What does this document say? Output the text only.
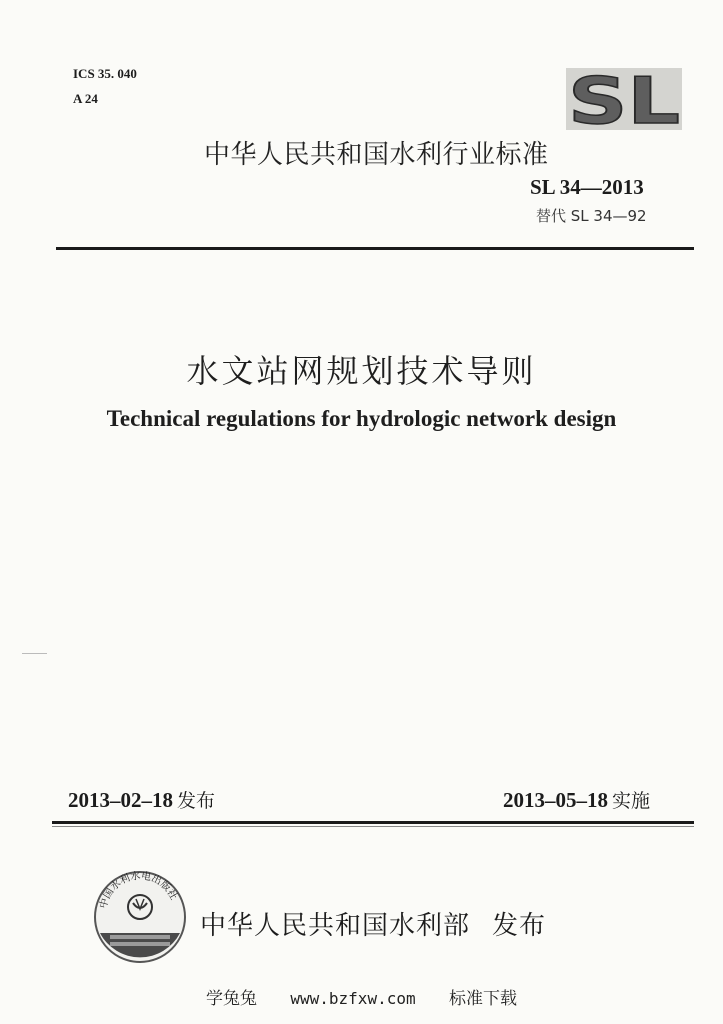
ICS 35. 040
A 24	SL
中华人民共和国水利行业标准
SL 34—2013
替代 SL 34—92
水文站网规划技术导则
Technical regulations for hydrologic network design
2013–02–18 发布	2013–05–18 实施
中国水利水电出版社
中华人民共和国水利部 发布
学兔兔 www.bzfxw.com 标准下载
